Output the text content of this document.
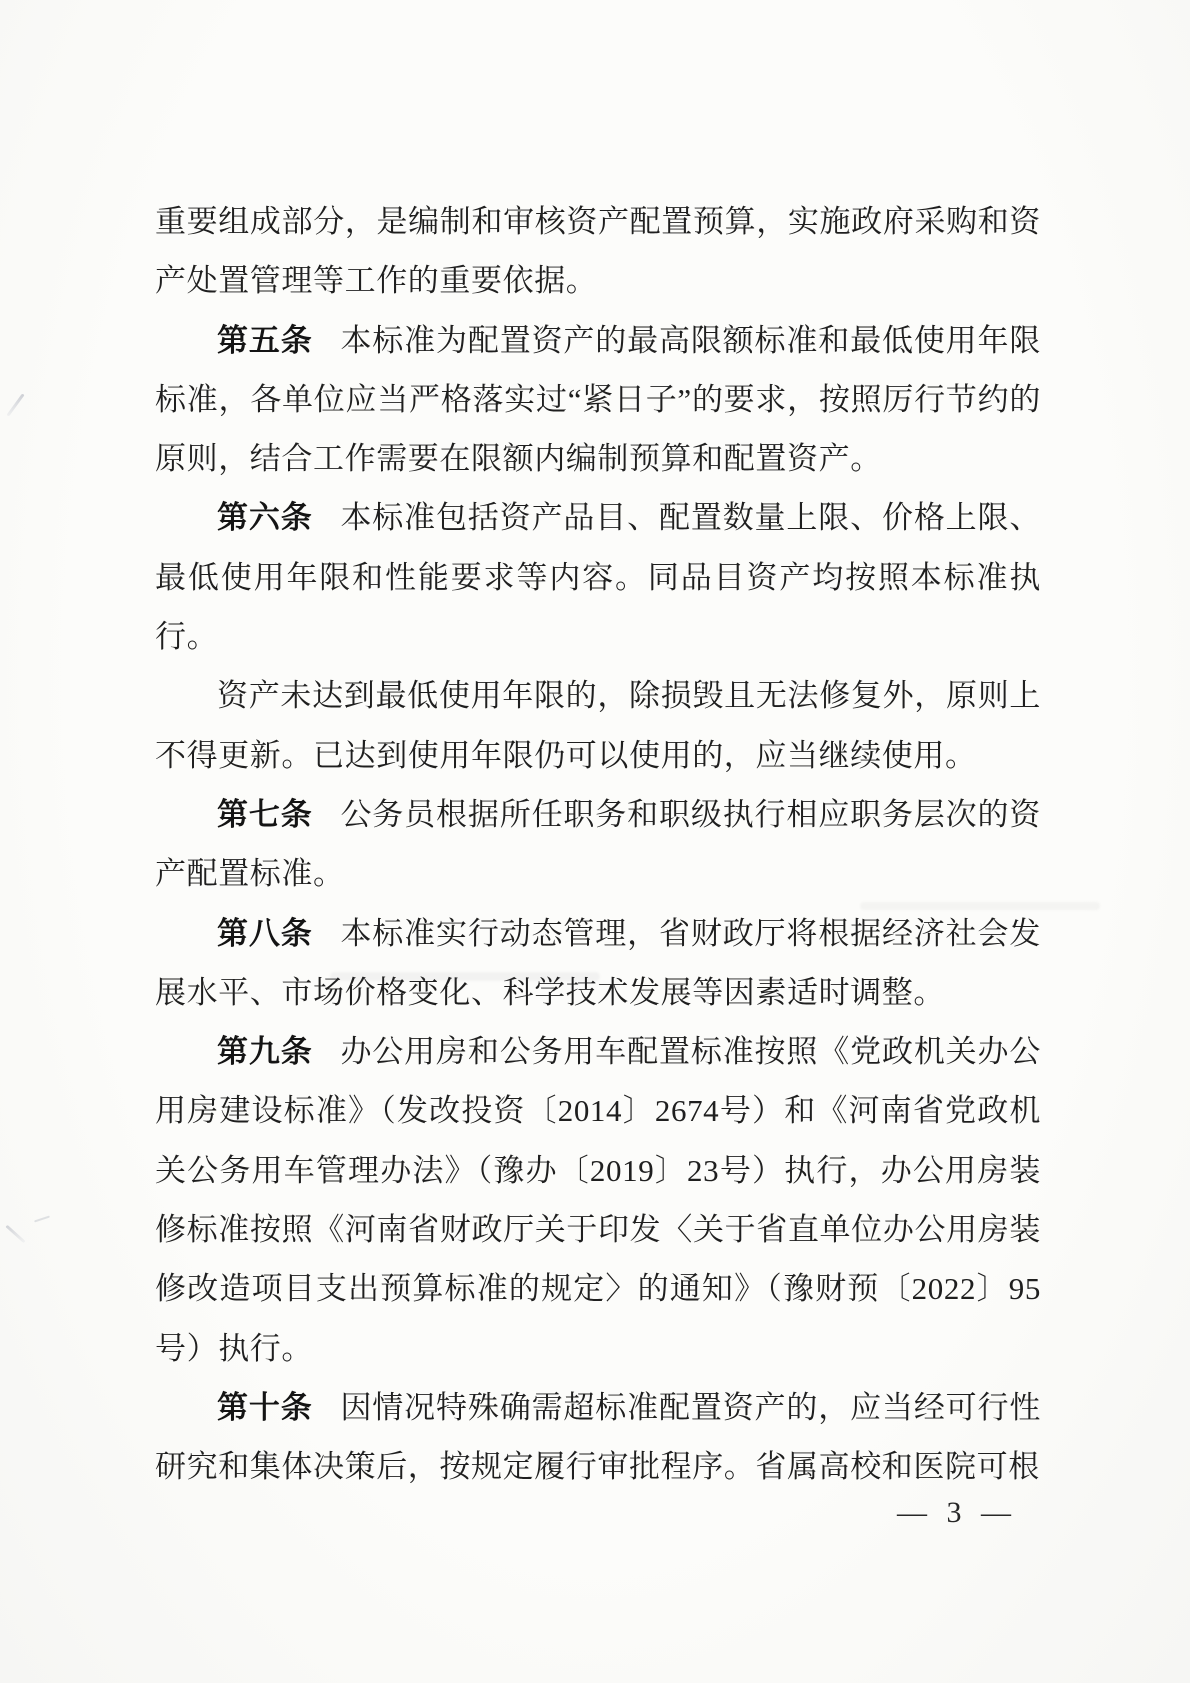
重要组成部分，是编制和审核资产配置预算，实施政府采购和资产处置管理等工作的重要依据。

第五条 本标准为配置资产的最高限额标准和最低使用年限标准，各单位应当严格落实过“紧日子”的要求，按照厉行节约的原则，结合工作需要在限额内编制预算和配置资产。

第六条 本标准包括资产品目、配置数量上限、价格上限、最低使用年限和性能要求等内容。同品目资产均按照本标准执行。

资产未达到最低使用年限的，除损毁且无法修复外，原则上不得更新。已达到使用年限仍可以使用的，应当继续使用。

第七条 公务员根据所任职务和职级执行相应职务层次的资产配置标准。

第八条 本标准实行动态管理，省财政厅将根据经济社会发展水平、市场价格变化、科学技术发展等因素适时调整。

第九条 办公用房和公务用车配置标准按照《党政机关办公用房建设标准》（发改投资〔2014〕2674号）和《河南省党政机关公务用车管理办法》（豫办〔2019〕23号）执行，办公用房装修标准按照《河南省财政厅关于印发〈关于省直单位办公用房装修改造项目支出预算标准的规定〉的通知》（豫财预〔2022〕95号）执行。

第十条 因情况特殊确需超标准配置资产的，应当经可行性研究和集体决策后，按规定履行审批程序。省属高校和医院可根

— 3 —
